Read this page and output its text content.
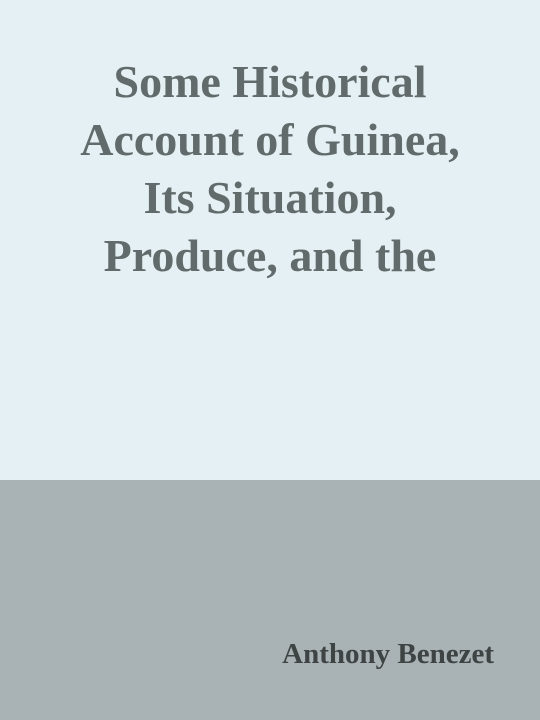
Some Historical
Account of Guinea,
Its Situation,
Produce, and the

Anthony Benezet
